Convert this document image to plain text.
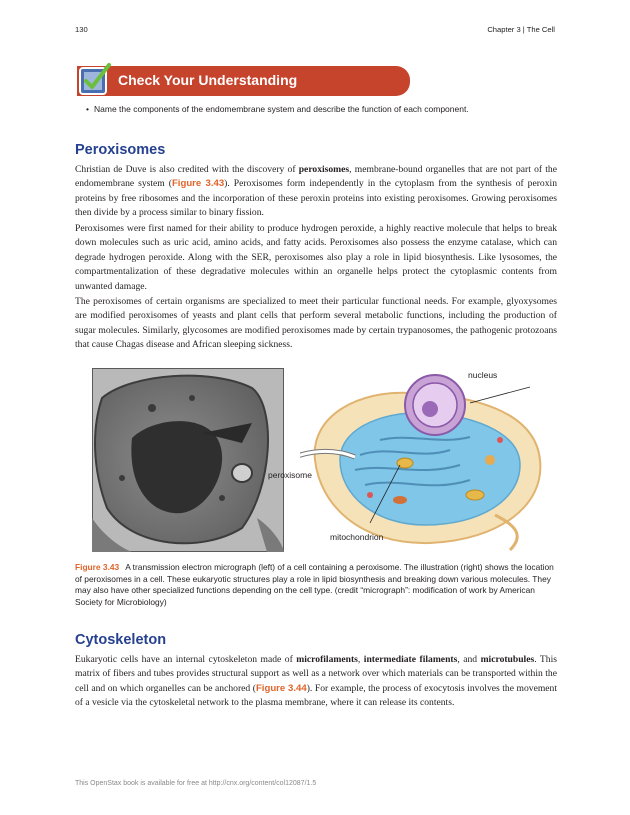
130	Chapter 3 | The Cell
Check Your Understanding
• Name the components of the endomembrane system and describe the function of each component.
Peroxisomes

Christian de Duve is also credited with the discovery of peroxisomes, membrane-bound organelles that are not part of the endomembrane system (Figure 3.43). Peroxisomes form independently in the cytoplasm from the synthesis of peroxin proteins by free ribosomes and the incorporation of these peroxin proteins into existing peroxisomes. Growing peroxisomes then divide by a process similar to binary fission.

Peroxisomes were first named for their ability to produce hydrogen peroxide, a highly reactive molecule that helps to break down molecules such as uric acid, amino acids, and fatty acids. Peroxisomes also possess the enzyme catalase, which can degrade hydrogen peroxide. Along with the SER, peroxisomes also play a role in lipid biosynthesis. Like lysosomes, the compartmentalization of these degradative molecules within an organelle helps protect the cytoplasmic contents from unwanted damage.

The peroxisomes of certain organisms are specialized to meet their particular functional needs. For example, glyoxysomes are modified peroxisomes of yeasts and plant cells that perform several metabolic functions, including the production of sugar molecules. Similarly, glycosomes are modified peroxisomes made by certain trypanosomes, the pathogenic protozoans that cause Chagas disease and African sleeping sickness.

nucleus
peroxisome
mitochondrion

Figure 3.43 A transmission electron micrograph (left) of a cell containing a peroxisome. The illustration (right) shows the location of peroxisomes in a cell. These eukaryotic structures play a role in lipid biosynthesis and breaking down various molecules. They may also have other specialized functions depending on the cell type. (credit “micrograph”: modification of work by American Society for Microbiology)

Cytoskeleton

Eukaryotic cells have an internal cytoskeleton made of microfilaments, intermediate filaments, and microtubules. This matrix of fibers and tubes provides structural support as well as a network over which materials can be transported within the cell and on which organelles can be anchored (Figure 3.44). For example, the process of exocytosis involves the movement of a vesicle via the cytoskeletal network to the plasma membrane, where it can release its contents.

This OpenStax book is available for free at http://cnx.org/content/col12087/1.5
